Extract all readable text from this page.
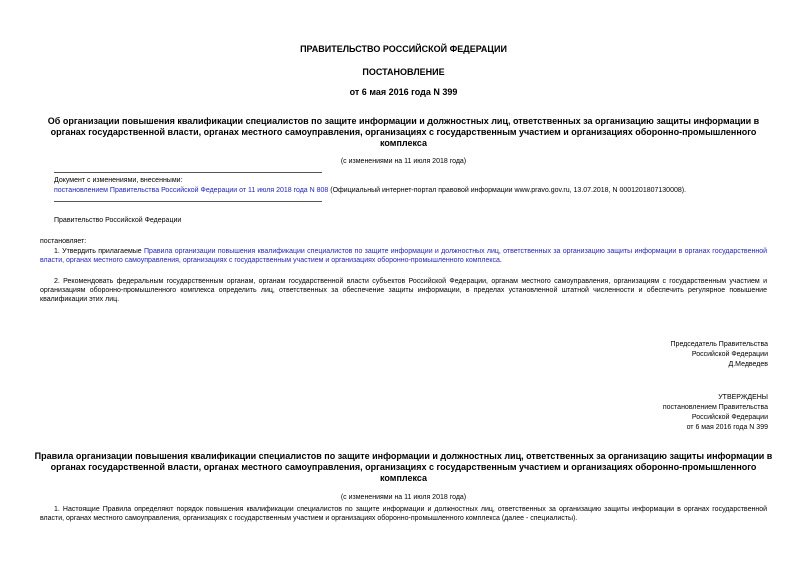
ПРАВИТЕЛЬСТВО РОССИЙСКОЙ ФЕДЕРАЦИИ
ПОСТАНОВЛЕНИЕ
от 6 мая 2016 года N 399
Об организации повышения квалификации специалистов по защите информации и должностных лиц, ответственных за организацию защиты информации в
органах государственной власти, органах местного самоуправления, организациях с государственным участием и организациях оборонно-промышленного
комплекса
(с изменениями на 11 июля 2018 года)
Документ с изменениями, внесенными:
постановлением Правительства Российской Федерации от 11 июля 2018 года N 808 (Официальный интернет-портал правовой информации www.pravo.gov.ru, 13.07.2018, N 0001201807130008).
Правительство Российской Федерации
постановляет:
1. Утвердить прилагаемые Правила организации повышения квалификации специалистов по защите информации и должностных лиц, ответственных за организацию защиты информации в органах государственной власти, органах местного самоуправления, организациях с государственным участием и организациях оборонно-промышленного комплекса.
2. Рекомендовать федеральным государственным органам, органам государственной власти субъектов Российской Федерации, органам местного самоуправления, организациям с государственным участием и организациям оборонно-промышленного комплекса определить лиц, ответственных за обеспечение защиты информации, в пределах установленной штатной численности и обеспечить регулярное повышение квалификации этих лиц.
Председатель Правительства
Российской Федерации
Д.Медведев
УТВЕРЖДЕНЫ
постановлением Правительства
Российской Федерации
от 6 мая 2016 года N 399
Правила организации повышения квалификации специалистов по защите информации и должностных лиц, ответственных за организацию защиты информации в
органах государственной власти, органах местного самоуправления, организациях с государственным участием и организациях оборонно-промышленного
комплекса
(с изменениями на 11 июля 2018 года)
1. Настоящие Правила определяют порядок повышения квалификации специалистов по защите информации и должностных лиц, ответственных за организацию защиты информации в органах государственной власти, органах местного самоуправления, организациях с государственным участием и организациях оборонно-промышленного комплекса (далее - специалисты).
